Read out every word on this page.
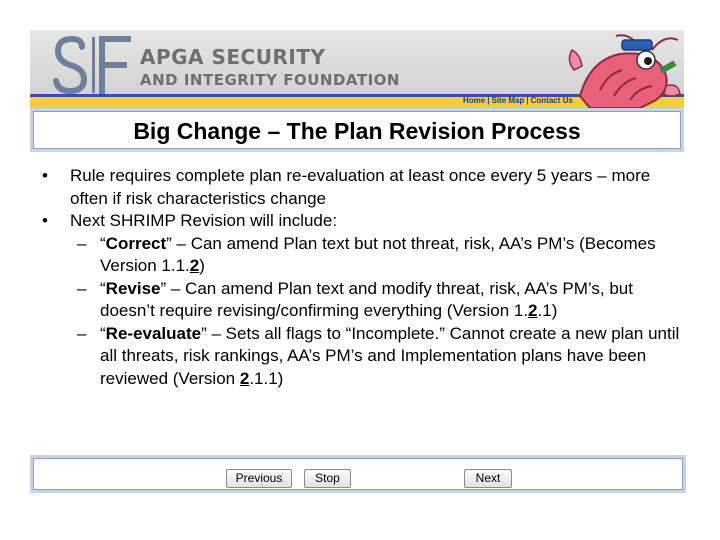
APGA SECURITY
AND INTEGRITY FOUNDATION
Home | Site Map | Contact Us
Big Change – The Plan Revision Process
• Rule requires complete plan re-evaluation at least once every 5 years – more often if risk characteristics change
• Next SHRIMP Revision will include:
– “Correct” – Can amend Plan text but not threat, risk, AA’s PM’s (Becomes Version 1.1.2)
– “Revise” – Can amend Plan text and modify threat, risk, AA’s PM’s, but doesn’t require revising/confirming everything (Version 1.2.1)
– “Re-evaluate” – Sets all flags to “Incomplete.” Cannot create a new plan until all threats, risk rankings, AA’s PM’s and Implementation plans have been reviewed (Version 2.1.1)
Previous	Stop	Next
